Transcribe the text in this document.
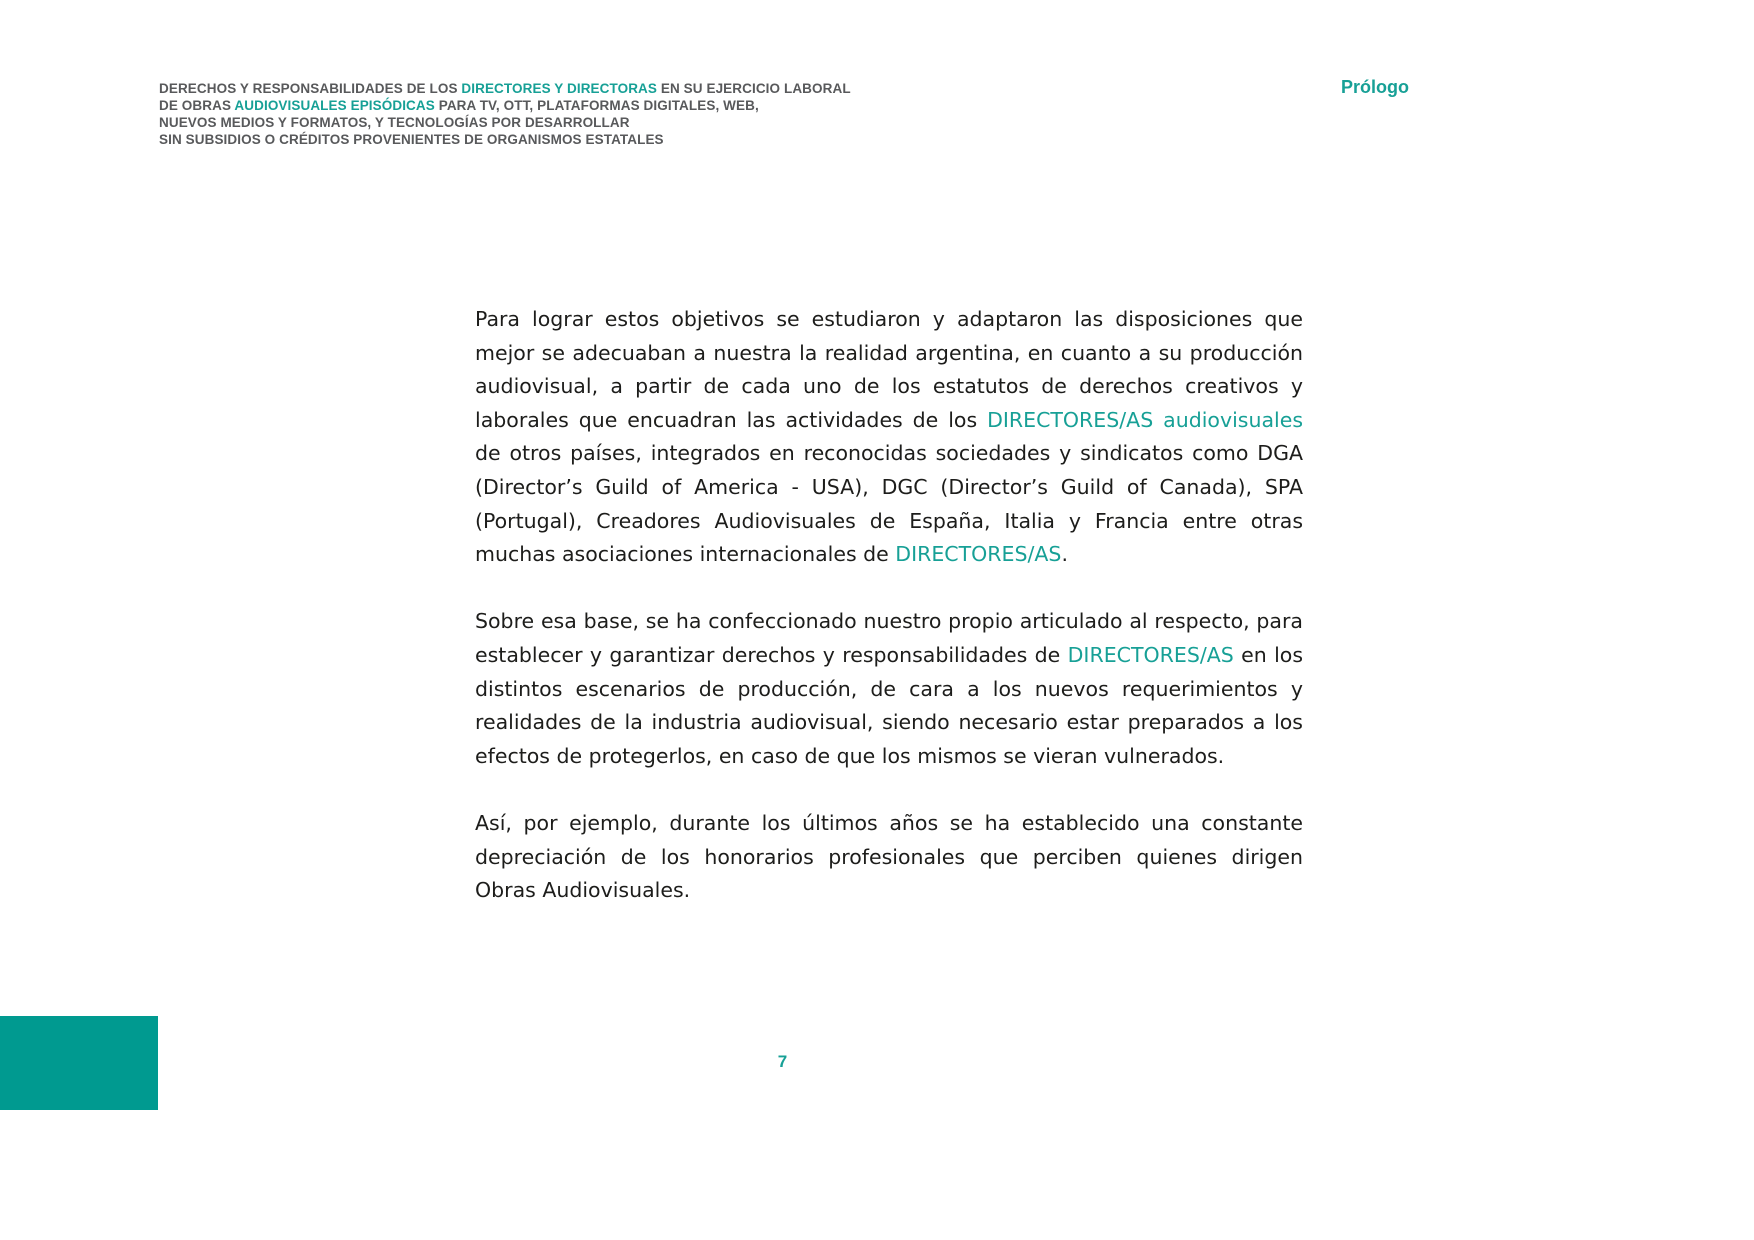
DERECHOS Y RESPONSABILIDADES DE LOS DIRECTORES Y DIRECTORAS EN SU EJERCICIO LABORAL
DE OBRAS AUDIOVISUALES EPISÓDICAS PARA TV, OTT, PLATAFORMAS DIGITALES, WEB,
NUEVOS MEDIOS Y FORMATOS, Y TECNOLOGÍAS POR DESARROLLAR
SIN SUBSIDIOS O CRÉDITOS PROVENIENTES DE ORGANISMOS ESTATALES
Prólogo

Para lograr estos objetivos se estudiaron y adaptaron las disposiciones que mejor se adecuaban a nuestra la realidad argentina, en cuanto a su producción audiovisual, a partir de cada uno de los estatutos de derechos creativos y laborales que encuadran las actividades de los DIRECTORES/AS audiovisuales de otros países, integrados en reconocidas sociedades y sindicatos como DGA (Director’s Guild of America - USA), DGC (Director’s Guild of Canada), SPA (Portugal), Creadores Audiovisuales de España, Italia y Francia entre otras muchas asociaciones internacionales de DIRECTORES/AS.

Sobre esa base, se ha confeccionado nuestro propio articulado al respecto, para establecer y garantizar derechos y responsabilidades de DIRECTORES/AS en los distintos escenarios de producción, de cara a los nuevos requerimientos y realidades de la industria audiovisual, siendo necesario estar preparados a los efectos de protegerlos, en caso de que los mismos se vieran vulnerados.

Así, por ejemplo, durante los últimos años se ha establecido una constante depreciación de los honorarios profesionales que perciben quienes dirigen Obras Audiovisuales.

7
